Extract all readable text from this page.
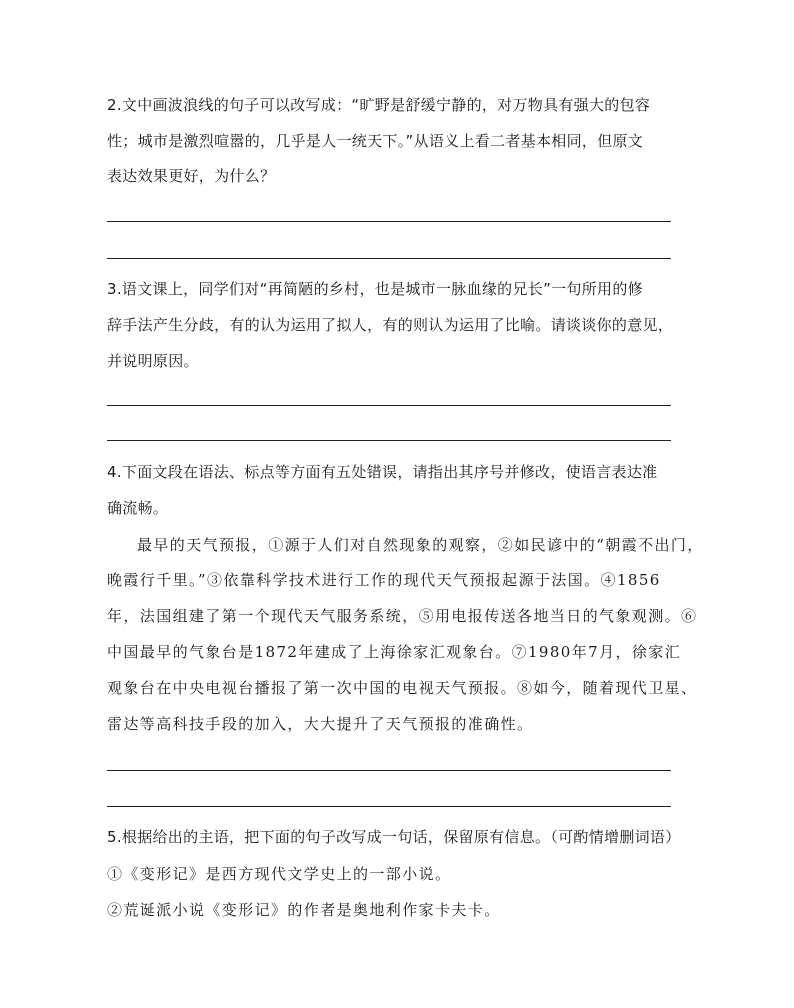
2.文中画波浪线的句子可以改写成：“旷野是舒缓宁静的，对万物具有强大的包容
性；城市是激烈喧嚣的，几乎是人一统天下。”从语义上看二者基本相同，但原文
表达效果更好，为什么？
3.语文课上，同学们对“再简陋的乡村，也是城市一脉血缘的兄长”一句所用的修
辞手法产生分歧，有的认为运用了拟人，有的则认为运用了比喻。请谈谈你的意见，
并说明原因。
4.下面文段在语法、标点等方面有五处错误，请指出其序号并修改，使语言表达准
确流畅。
最早的天气预报，①源于人们对自然现象的观察，②如民谚中的“朝霞不出门，
晚霞行千里。”③依靠科学技术进行工作的现代天气预报起源于法国。④1856
年，法国组建了第一个现代天气服务系统，⑤用电报传送各地当日的气象观测。⑥
中国最早的气象台是1872年建成了上海徐家汇观象台。⑦1980年7月，徐家汇
观象台在中央电视台播报了第一次中国的电视天气预报。⑧如今，随着现代卫星、
雷达等高科技手段的加入，大大提升了天气预报的准确性。
5.根据给出的主语，把下面的句子改写成一句话，保留原有信息。（可酌情增删词语）
①《变形记》是西方现代文学史上的一部小说。
②荒诞派小说《变形记》的作者是奥地利作家卡夫卡。
